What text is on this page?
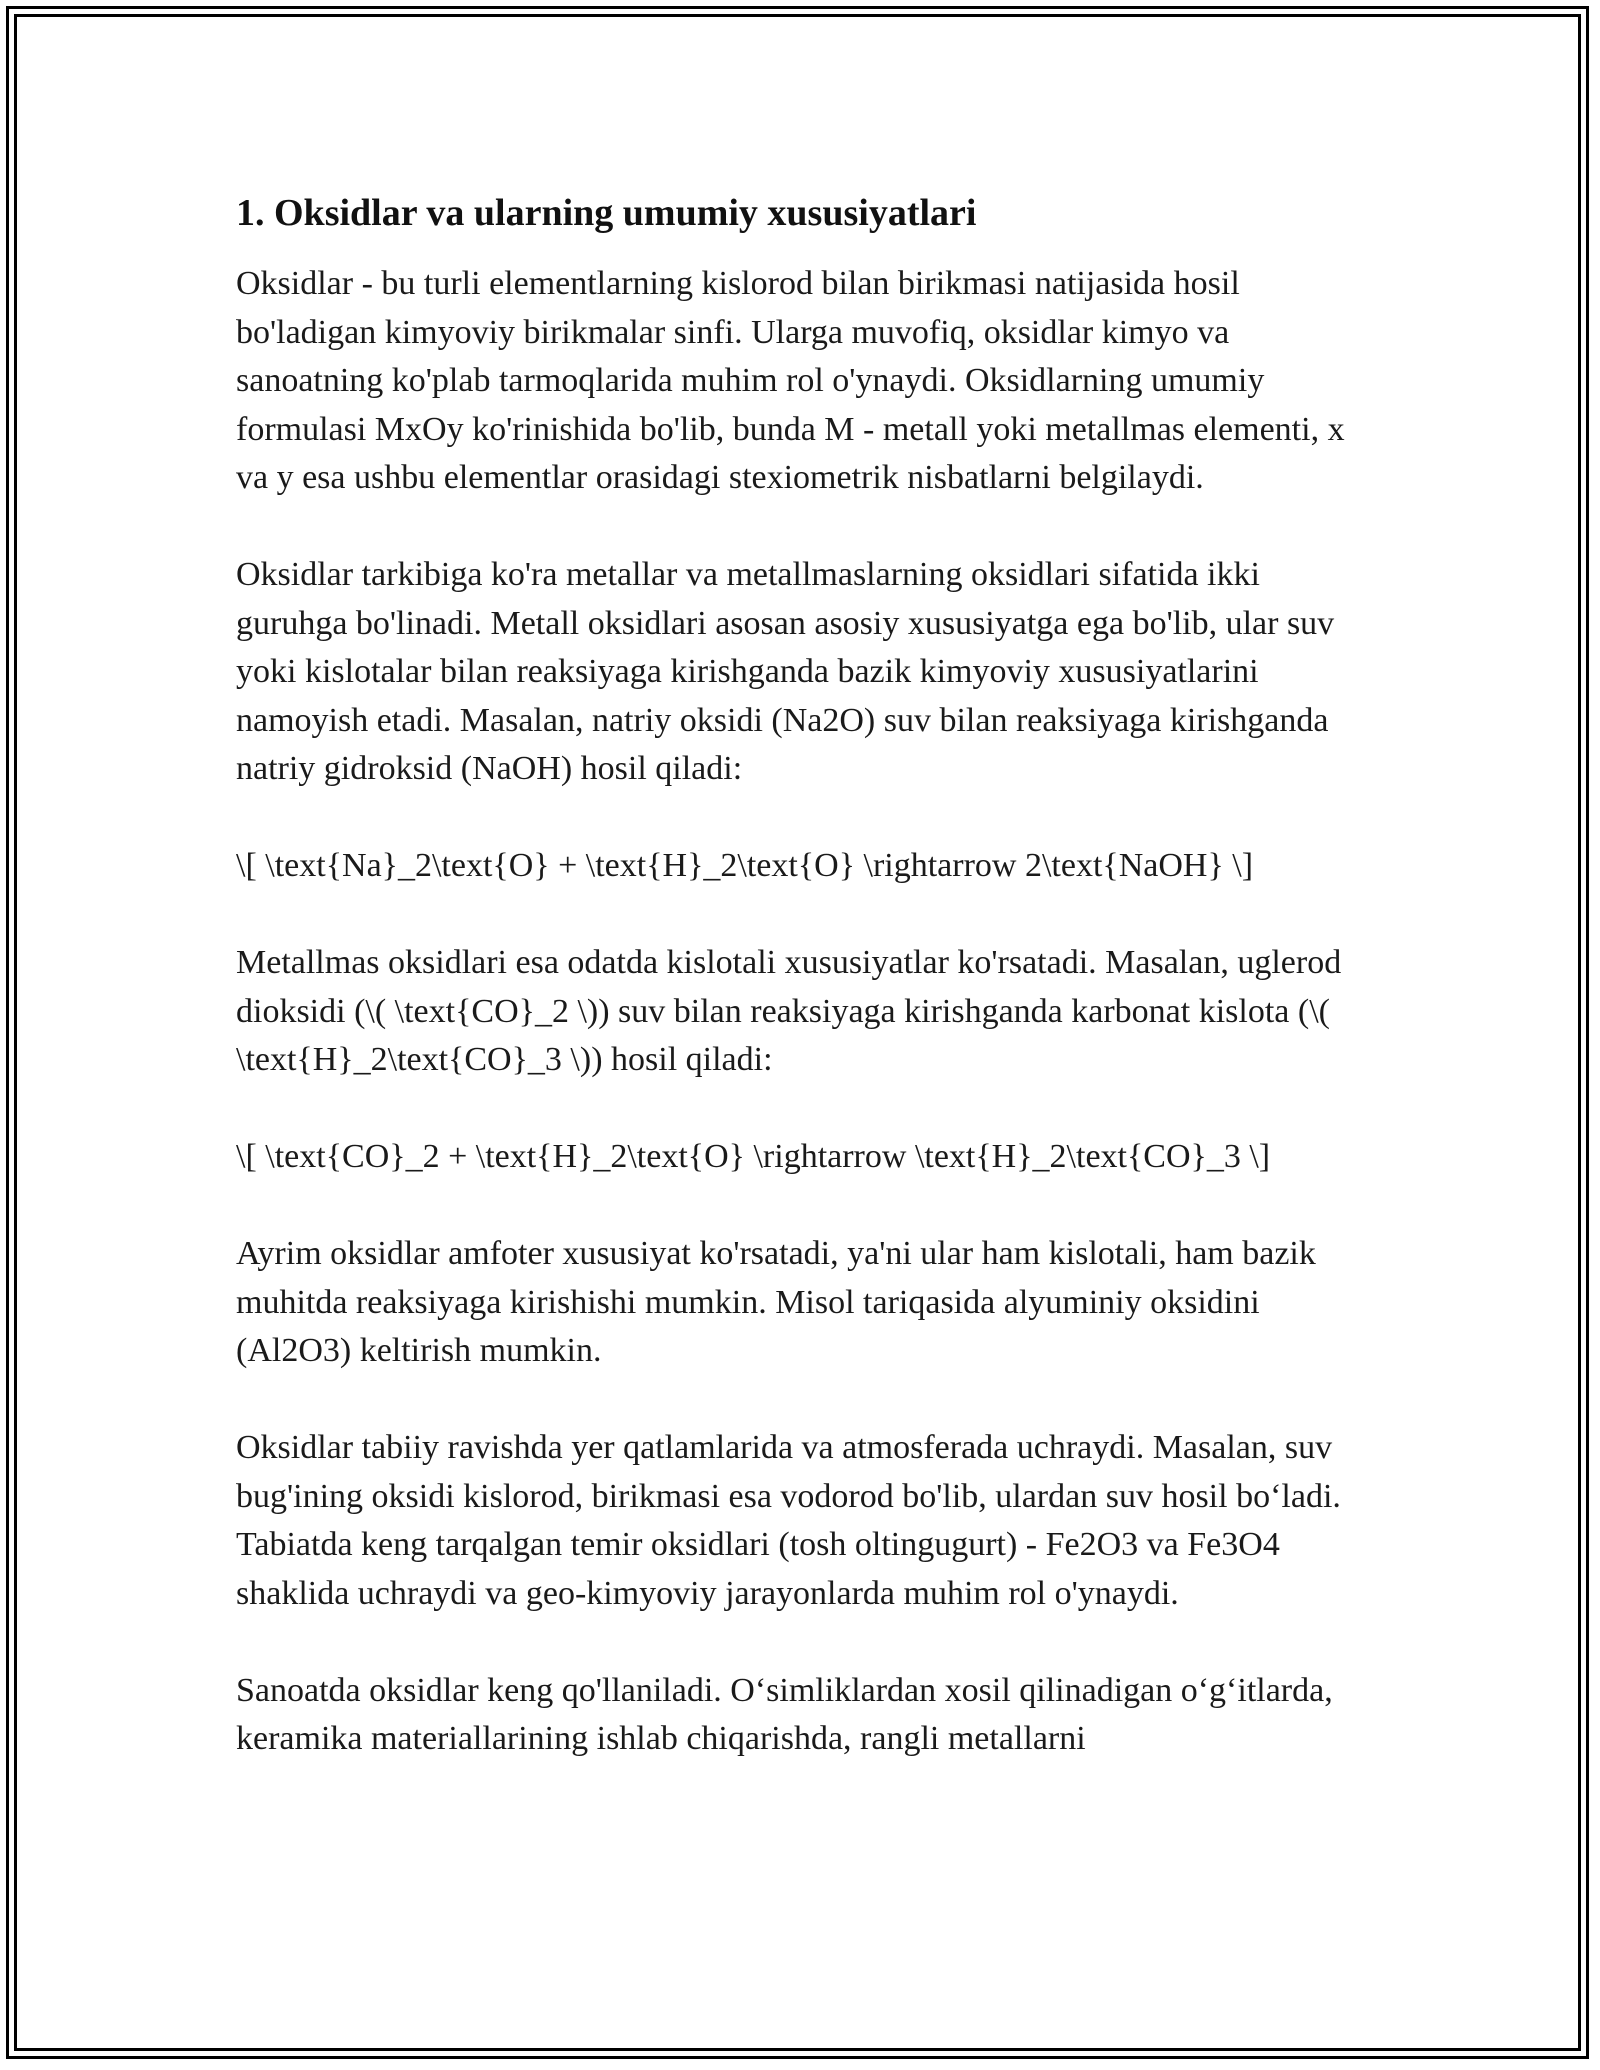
1. Oksidlar va ularning umumiy xususiyatlari

Oksidlar - bu turli elementlarning kislorod bilan birikmasi natijasida hosil bo'ladigan kimyoviy birikmalar sinfi. Ularga muvofiq, oksidlar kimyo va sanoatning ko'plab tarmoqlarida muhim rol o'ynaydi. Oksidlarning umumiy formulasi MxOy ko'rinishida bo'lib, bunda M - metall yoki metallmas elementi, x va y esa ushbu elementlar orasidagi stexiometrik nisbatlarni belgilaydi.

Oksidlar tarkibiga ko'ra metallar va metallmaslarning oksidlari sifatida ikki guruhga bo'linadi. Metall oksidlari asosan asosiy xususiyatga ega bo'lib, ular suv yoki kislotalar bilan reaksiyaga kirishganda bazik kimyoviy xususiyatlarini namoyish etadi. Masalan, natriy oksidi (Na2O) suv bilan reaksiyaga kirishganda natriy gidroksid (NaOH) hosil qiladi:

\[ \text{Na}_2\text{O} + \text{H}_2\text{O} \rightarrow 2\text{NaOH} \]

Metallmas oksidlari esa odatda kislotali xususiyatlar ko'rsatadi. Masalan, uglerod dioksidi (\( \text{CO}_2 \)) suv bilan reaksiyaga kirishganda karbonat kislota (\( \text{H}_2\text{CO}_3 \)) hosil qiladi:

\[ \text{CO}_2 + \text{H}_2\text{O} \rightarrow \text{H}_2\text{CO}_3 \]

Ayrim oksidlar amfoter xususiyat ko'rsatadi, ya'ni ular ham kislotali, ham bazik muhitda reaksiyaga kirishishi mumkin. Misol tariqasida alyuminiy oksidini (Al2O3) keltirish mumkin.

Oksidlar tabiiy ravishda yer qatlamlarida va atmosferada uchraydi. Masalan, suv bug'ining oksidi kislorod, birikmasi esa vodorod bo'lib, ulardan suv hosil bo‘ladi. Tabiatda keng tarqalgan temir oksidlari (tosh oltingugurt) - Fe2O3 va Fe3O4 shaklida uchraydi va geo-kimyoviy jarayonlarda muhim rol o'ynaydi.

Sanoatda oksidlar keng qo'llaniladi. O‘simliklardan xosil qilinadigan o‘g‘itlarda, keramika materiallarining ishlab chiqarishda, rangli metallarni
